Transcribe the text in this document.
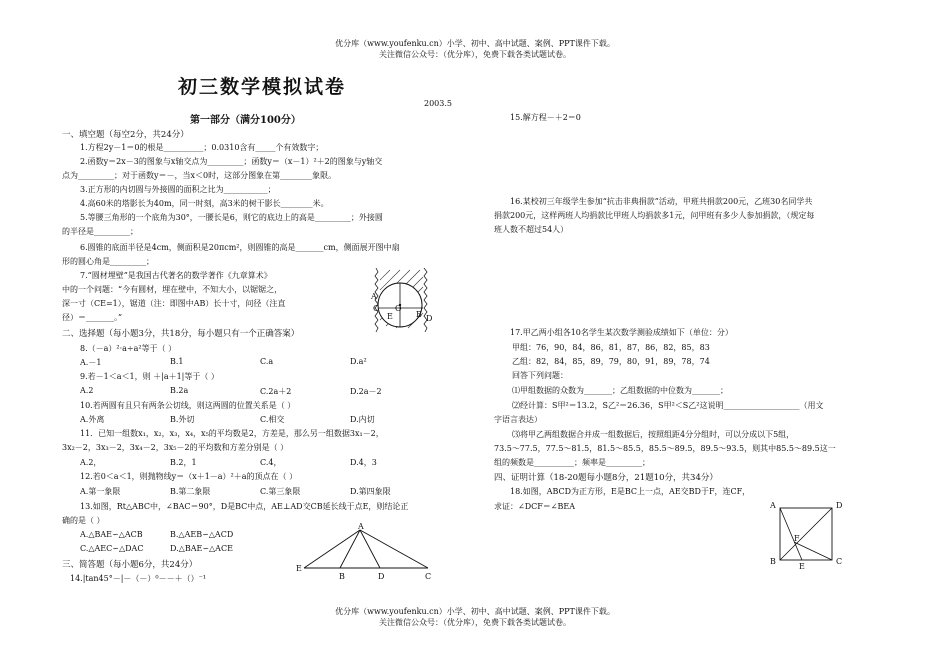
优分库（www.youfenku.cn）小学、初中、高中试题、案例、PPT课件下载。
关注微信公众号：（优分库），免费下载各类试题试卷。
初三数学模拟试卷
2003.5
第一部分（满分100分）
一、填空题（每空2分，共24分）
1.方程2y－1＝0的根是__________；0.0310含有_____个有效数字；
2.函数y＝2x－3的图象与x轴交点为_________；函数y＝（x－1）²＋2的图象与y轴交
点为_________；对于函数y＝－，当x＜0时，这部分图象在第________象限。
3.正方形的内切圆与外接圆的面积之比为___________；
4.高60米的塔影长为40m，同一时刻，高3米的树干影长________米。
5.等腰三角形的一个底角为30°，一腰长是6，则它的底边上的高是_________；外接圆
的半径是_________；
6.圆锥的底面半径是4cm，侧面积是20πcm²，则圆锥的高是_______cm，侧面展开图中扇
形的圆心角是_________；
7.“圆材埋壁”是我国古代著名的数学著作《九章算术》
中的一个问题：“今有圆材，埋在壁中，不知大小，以锯锯之，
深一寸（CE=1），锯道（注：即图中AB）长十寸，问径（注直
径）＝_______。”
A
C O
B D
E
二、选择题（每小题3分，共18分，每小题只有一个正确答案）
8.（－a）²·a÷a²等于（ ）
A.－1	B.1	C.a	D.a²
9.若－1＜a＜1，则 ＋|a＋1|等于（ ）
A.2	B.2a	C.2a＋2	D.2a－2
10.若两圆有且只有两条公切线，则这两圆的位置关系是（ ）
A.外离	B.外切	C.相交	D.内切
11．已知一组数x₁，x₂，x₃，x₄，x₅的平均数是2，方差是，那么另一组数据3x₁－2，
3x₂－2，3x₃－2，3x₄－2，3x₅－2的平均数和方差分别是（ ）
A.2，	B.2，1	C.4，	D.4，3
12.若0＜a＜1，则抛物线y＝（x＋1－a）²＋a的顶点在（ ）
A.第一象限	B.第二象限	C.第三象限	D.第四象限
13.如图，Rt△ABC中，∠BAC＝90°，D是BC中点，AE⊥AD交CB延长线于点E，则结论正
确的是（ ）
A.△BAE∽△ACB	B.△AEB∽△ACD
C.△AEC∽△DAC	D.△BAE∽△ACE
A
E
B	D	C
三、简答题（每小题6分，共24分）
14.|tan45°－|－（－）⁰－－＋（）⁻¹
15.解方程－＋2＝0
16.某校初三年级学生参加“抗击非典捐款”活动，甲班共捐款200元，乙班30名同学共
捐款200元，这样两班人均捐款比甲班人均捐款多1元，问甲班有多少人参加捐款，（规定每
班人数不超过54人）
17.甲乙两小组各10名学生某次数学测验成绩如下（单位：分）
甲组：76，90，84，86，81，87，86，82，85，83
乙组：82，84，85，89，79，80，91，89，78，74
回答下列问题：
⑴甲组数据的众数为_______；乙组数据的中位数为_______；
⑵经计算：S甲²＝13.2，S乙²＝26.36，S甲²＜S乙²这说明___________________（用文
字语言表达）
⑶将甲乙两组数据合并成一组数据后，按照组距4分分组时，可以分成以下5组，
73.5～77.5，77.5～81.5，81.5～85.5，85.5～89.5，89.5～93.5，则其中85.5～89.5这一
组的频数是__________；频率是_________；
四、证明计算（18-20题每小题8分，21题10分，共34分）
18.如图，ABCD为正方形，E是BC上一点，AE交BD于F，连CF，
求证：∠DCF＝∠BEA	A	D
F
B
E
C
优分库（www.youfenku.cn）小学、初中、高中试题、案例、PPT课件下载。
关注微信公众号：（优分库），免费下载各类试题试卷。
